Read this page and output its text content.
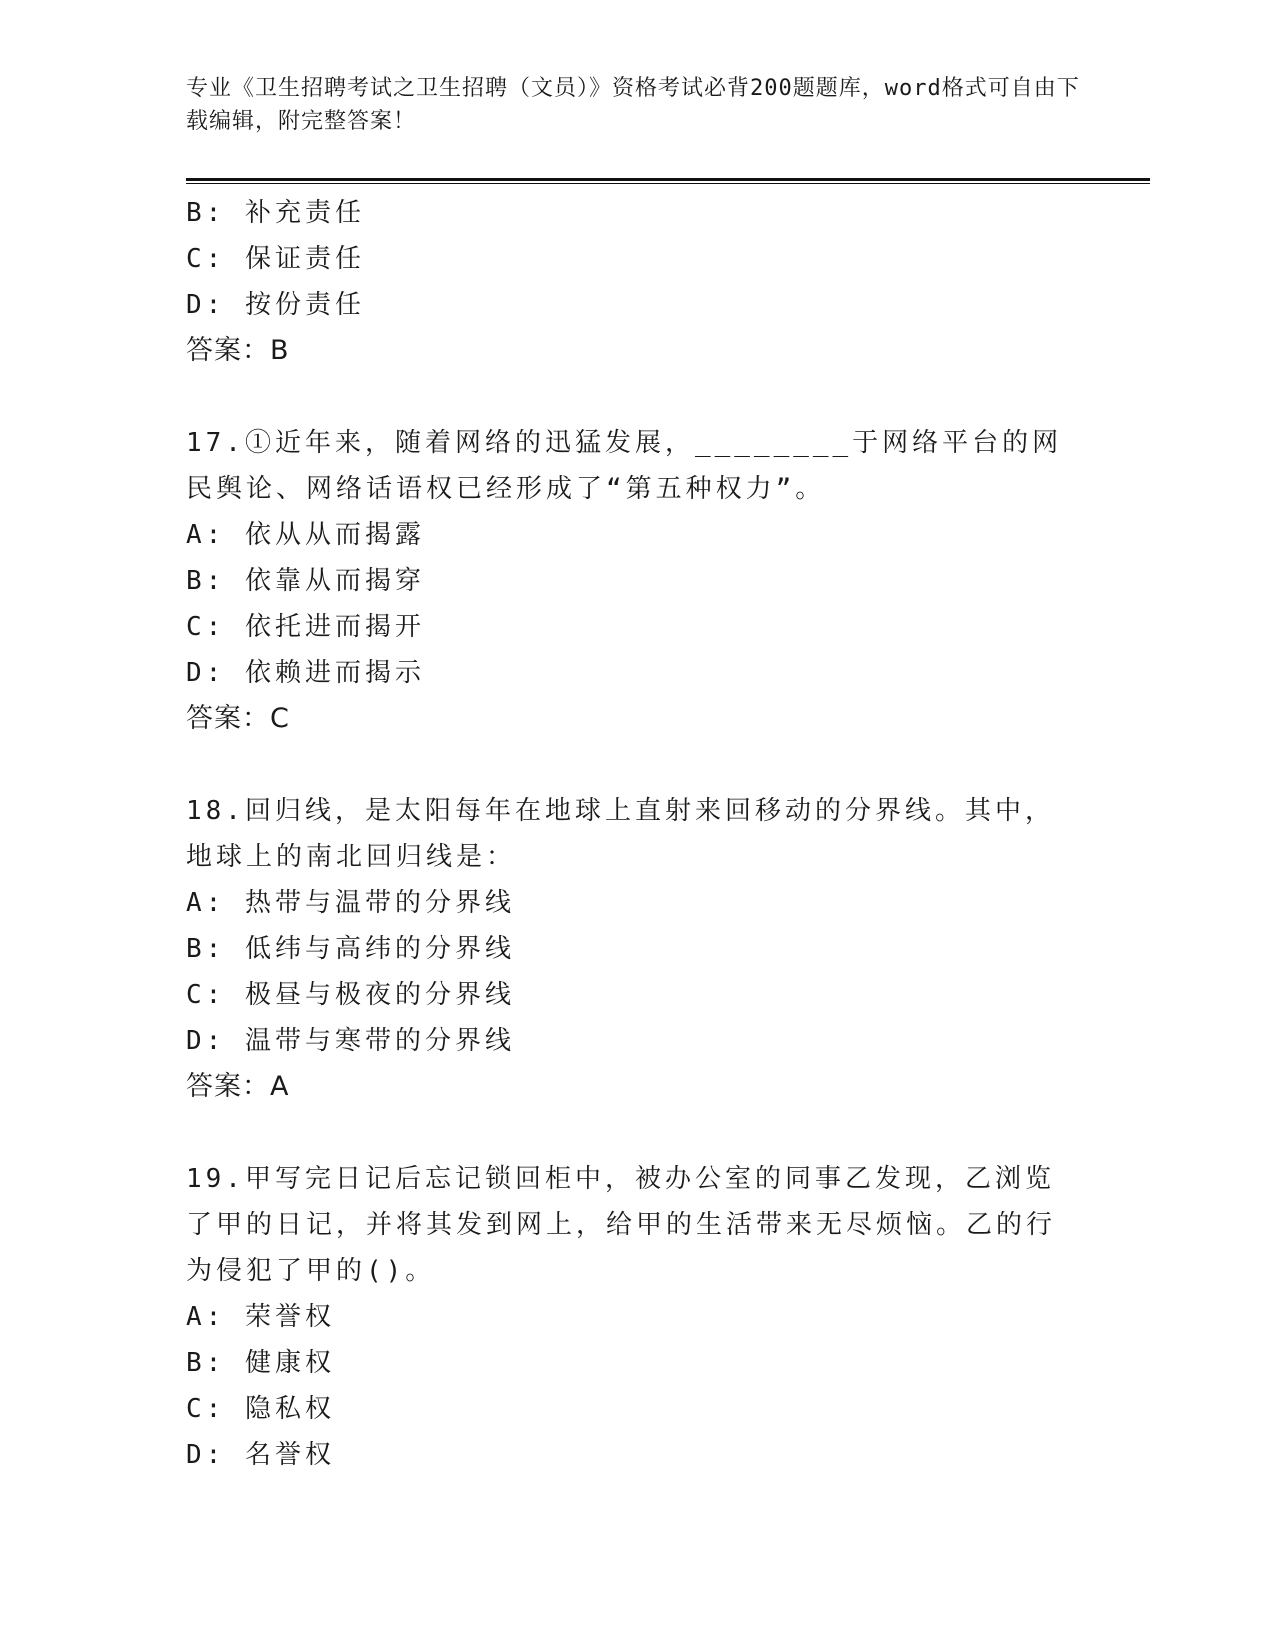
专业《卫生招聘考试之卫生招聘（文员）》资格考试必背200题题库，word格式可自由下载编辑，附完整答案！
B: 补充责任
C: 保证责任
D: 按份责任
答案：B
17.①近年来，随着网络的迅猛发展，________于网络平台的网民舆论、网络话语权已经形成了“第五种权力”。
A: 依从从而揭露
B: 依靠从而揭穿
C: 依托进而揭开
D: 依赖进而揭示
答案：C
18.回归线，是太阳每年在地球上直射来回移动的分界线。其中，地球上的南北回归线是：
A: 热带与温带的分界线
B: 低纬与高纬的分界线
C: 极昼与极夜的分界线
D: 温带与寒带的分界线
答案：A
19.甲写完日记后忘记锁回柜中，被办公室的同事乙发现，乙浏览了甲的日记，并将其发到网上，给甲的生活带来无尽烦恼。乙的行为侵犯了甲的()。
A: 荣誉权
B: 健康权
C: 隐私权
D: 名誉权
